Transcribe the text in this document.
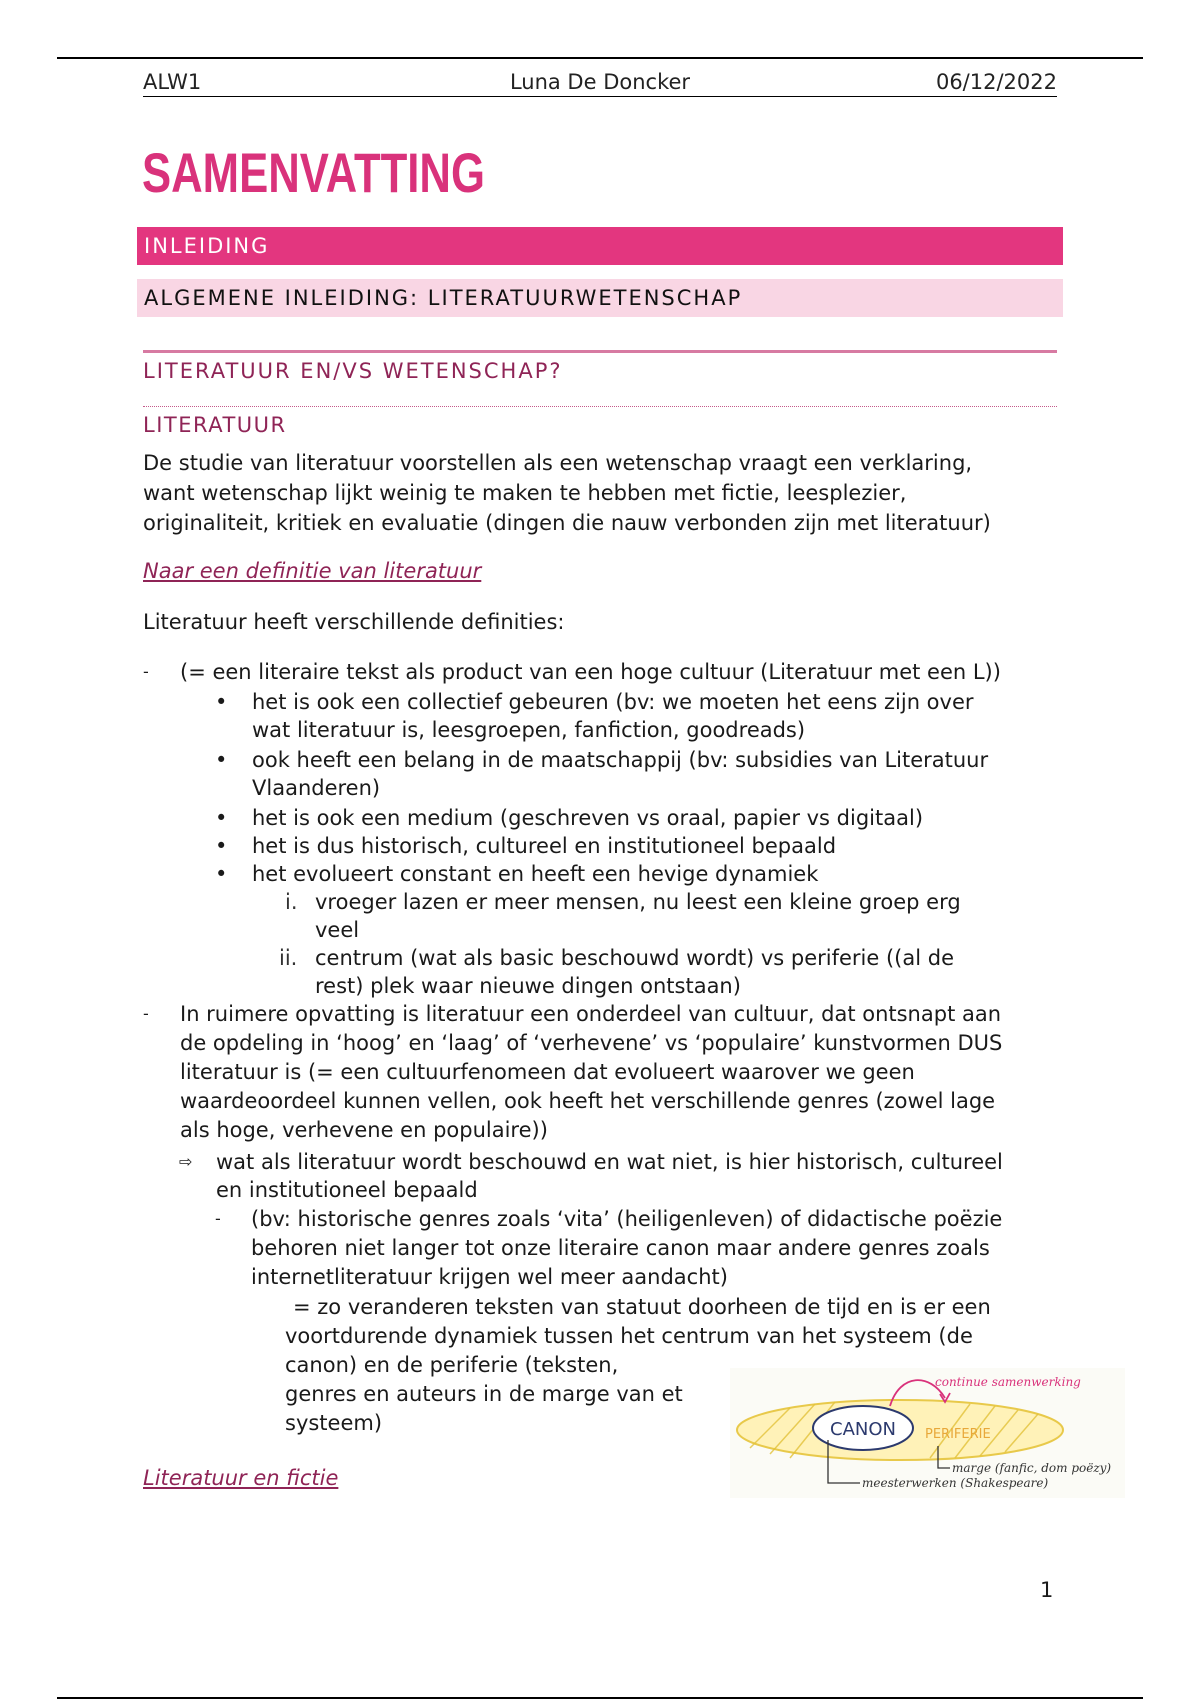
ALW1	Luna De Doncker	06/12/2022
SAMENVATTING
INLEIDING
ALGEMENE INLEIDING: LITERATUURWETENSCHAP
LITERATUUR EN/VS WETENSCHAP?
LITERATUUR
De studie van literatuur voorstellen als een wetenschap vraagt een verklaring,
want wetenschap lijkt weinig te maken te hebben met fictie, leesplezier,
originaliteit, kritiek en evaluatie (dingen die nauw verbonden zijn met literatuur)
Naar een definitie van literatuur
Literatuur heeft verschillende definities:
- (= een literaire tekst als product van een hoge cultuur (Literatuur met een L))
• het is ook een collectief gebeuren (bv: we moeten het eens zijn over
wat literatuur is, leesgroepen, fanfiction, goodreads)
• ook heeft een belang in de maatschappij (bv: subsidies van Literatuur
Vlaanderen)
• het is ook een medium (geschreven vs oraal, papier vs digitaal)
• het is dus historisch, cultureel en institutioneel bepaald
• het evolueert constant en heeft een hevige dynamiek
i. vroeger lazen er meer mensen, nu leest een kleine groep erg
veel
ii. centrum (wat als basic beschouwd wordt) vs periferie ((al de
rest) plek waar nieuwe dingen ontstaan)
- In ruimere opvatting is literatuur een onderdeel van cultuur, dat ontsnapt aan
de opdeling in ‘hoog’ en ‘laag’ of ‘verhevene’ vs ‘populaire’ kunstvormen DUS
literatuur is (= een cultuurfenomeen dat evolueert waarover we geen
waardeoordeel kunnen vellen, ook heeft het verschillende genres (zowel lage
als hoge, verhevene en populaire))
⇨ wat als literatuur wordt beschouwd en wat niet, is hier historisch, cultureel
en institutioneel bepaald
- (bv: historische genres zoals ‘vita’ (heiligenleven) of didactische poëzie
behoren niet langer tot onze literaire canon maar andere genres zoals
internetliteratuur krijgen wel meer aandacht)
= zo veranderen teksten van statuut doorheen de tijd en is er een
voortdurende dynamiek tussen het centrum van het systeem (de
canon) en de periferie (teksten,
genres en auteurs in de marge van et
systeem)	CANON PERIFERIE
continue samenwerking
marge (fanfic, dom poëzy)
meesterwerken (Shakespeare)
Literatuur en fictie
1
